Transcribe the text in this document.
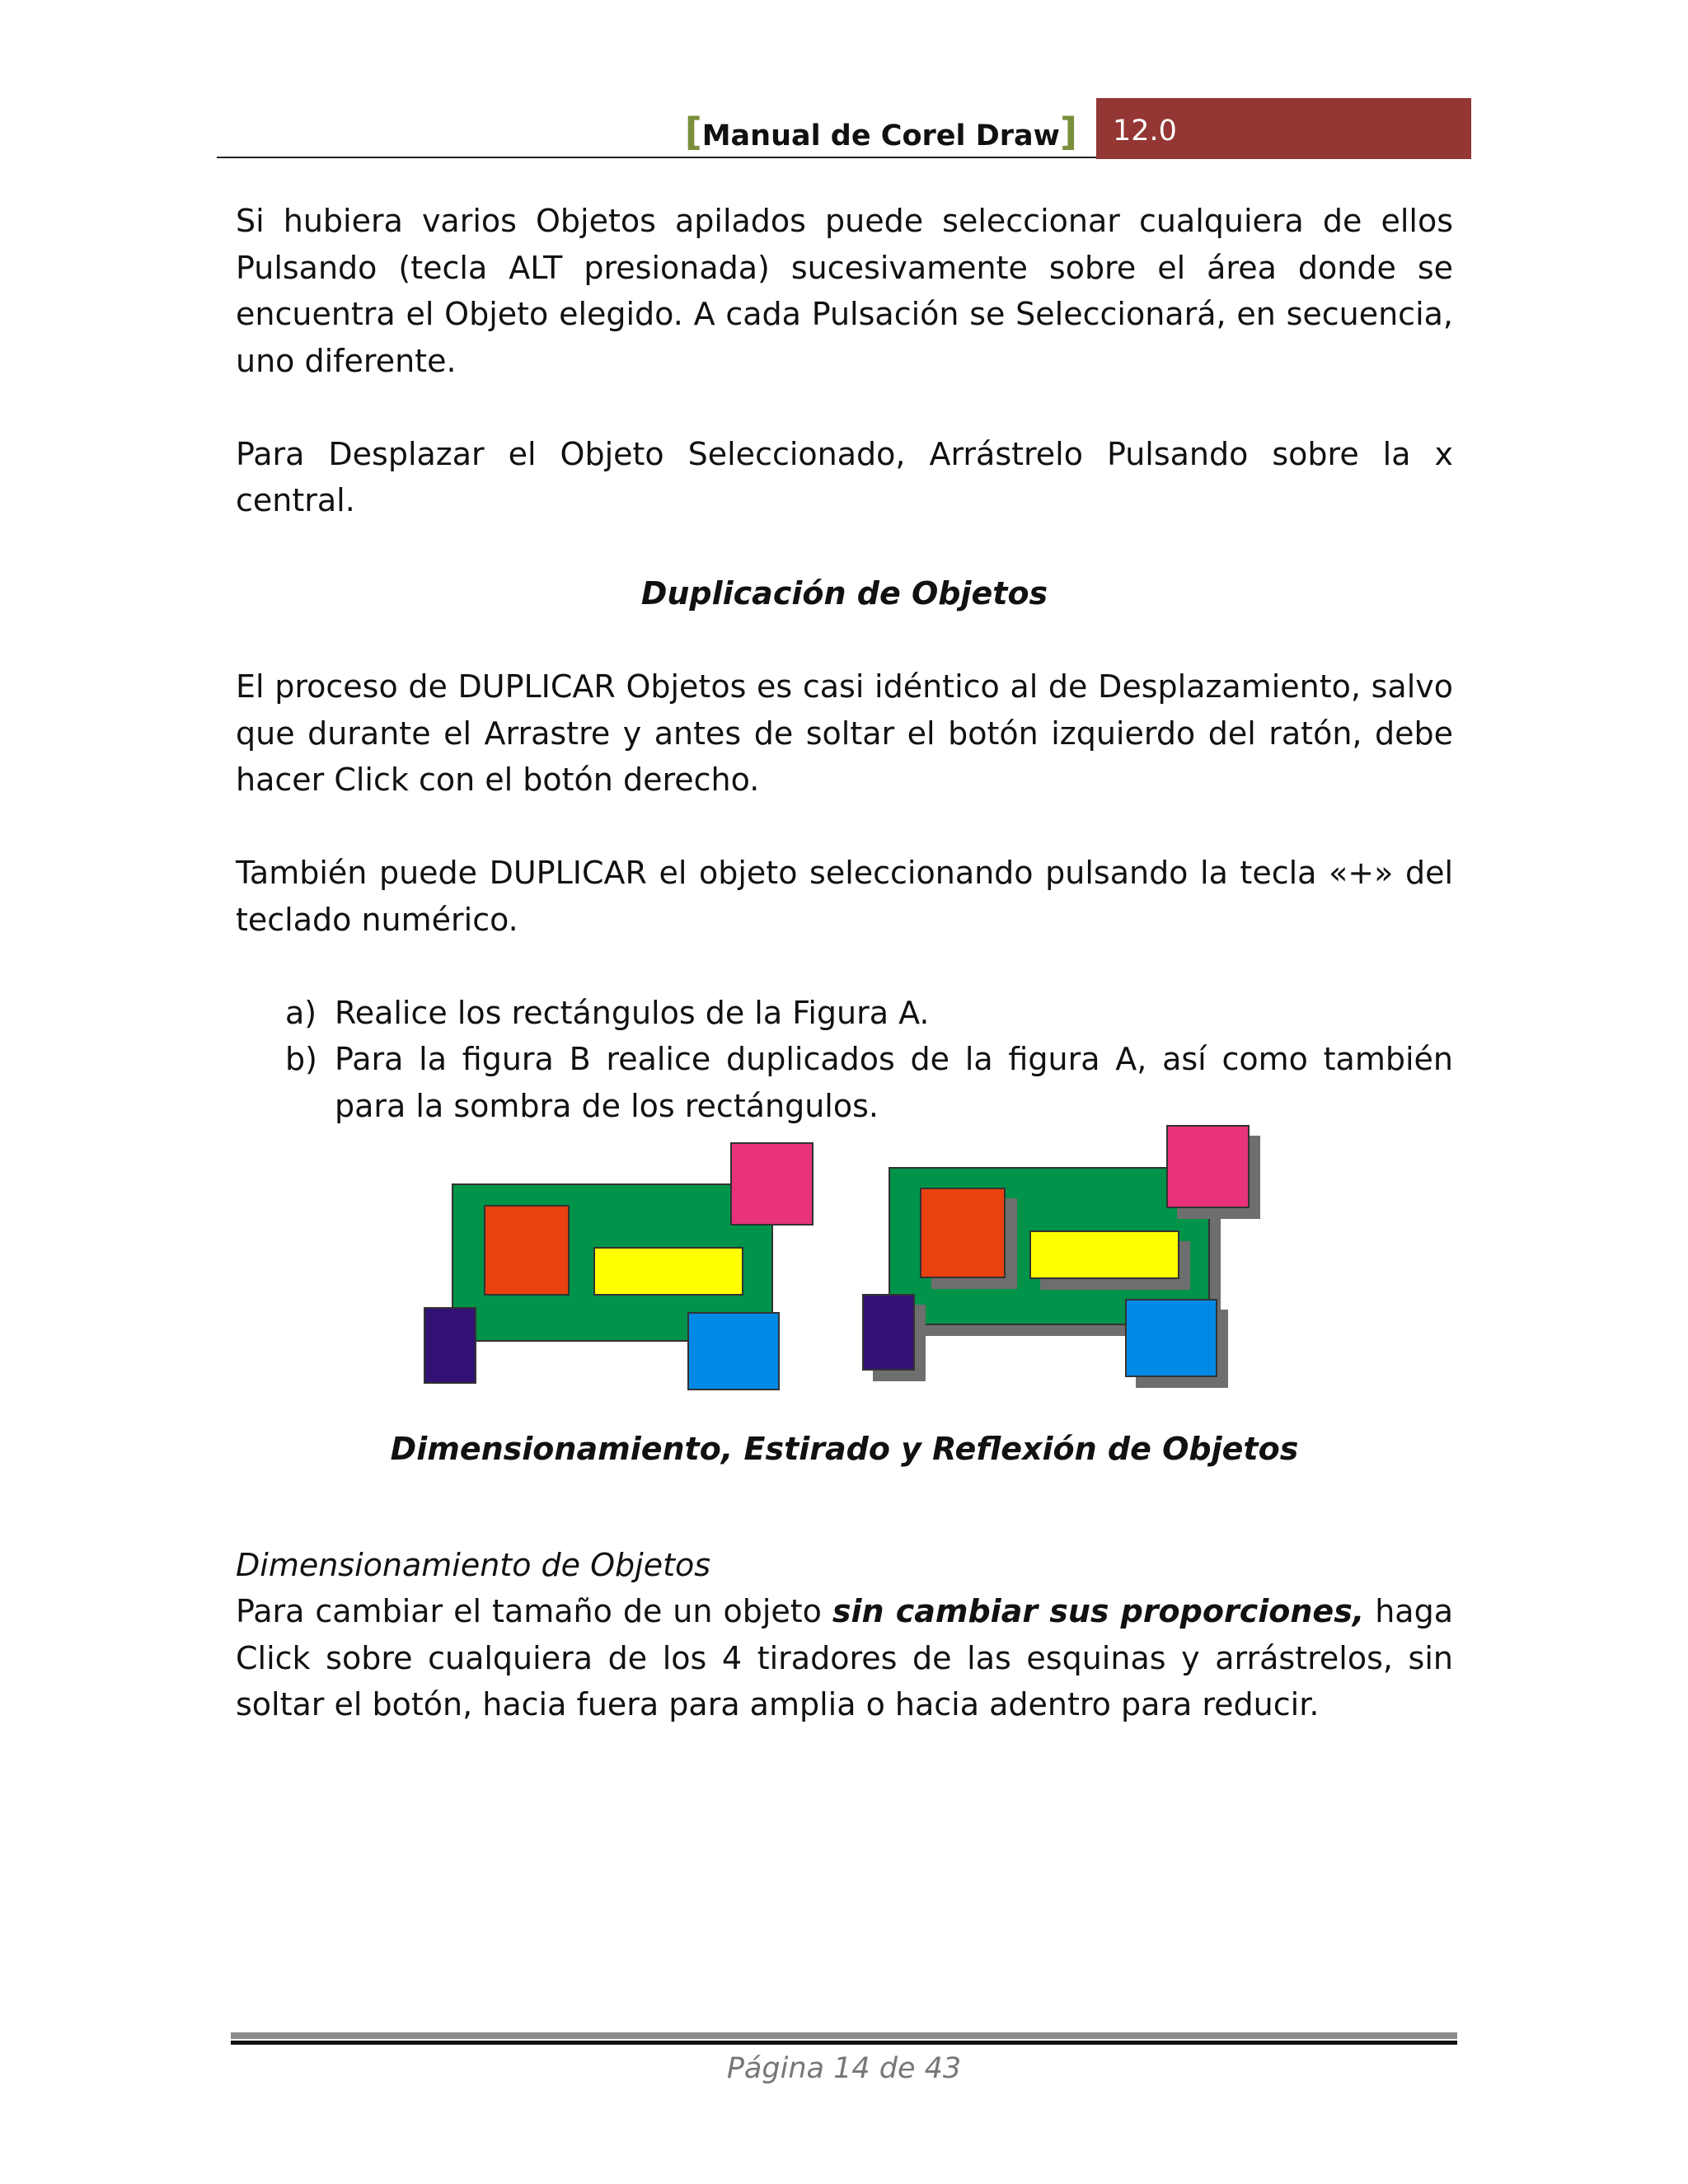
[Manual de Corel Draw]	12.0

Si hubiera varios Objetos apilados puede seleccionar cualquiera de ellos Pulsando (tecla ALT presionada) sucesivamente sobre el área donde se encuentra el Objeto elegido. A cada Pulsación se Seleccionará, en secuencia, uno diferente.

Para Desplazar el Objeto Seleccionado, Arrástrelo Pulsando sobre la x central.

Duplicación de Objetos

El proceso de DUPLICAR Objetos es casi idéntico al de Desplazamiento, salvo que durante el Arrastre y antes de soltar el botón izquierdo del ratón, debe hacer Click con el botón derecho.

También puede DUPLICAR el objeto seleccionando pulsando la tecla «+» del teclado numérico.

a) Realice los rectángulos de la Figura A.
b) Para la figura B realice duplicados de la figura A, así como también para la sombra de los rectángulos.

Dimensionamiento, Estirado y Reflexión de Objetos

Dimensionamiento de Objetos

Para cambiar el tamaño de un objeto sin cambiar sus proporciones, haga Click sobre cualquiera de los 4 tiradores de las esquinas y arrástrelos, sin soltar el botón, hacia fuera para amplia o hacia adentro para reducir.

Página 14 de 43
